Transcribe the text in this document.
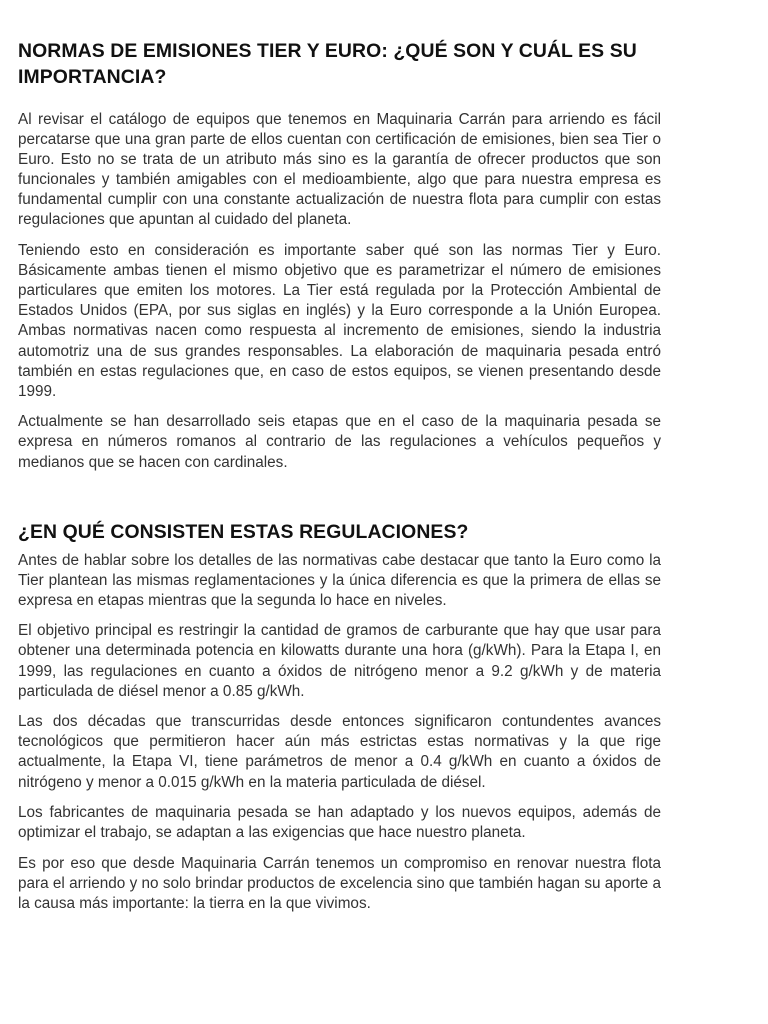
NORMAS DE EMISIONES TIER Y EURO: ¿QUÉ SON Y CUÁL ES SU IMPORTANCIA?

Al revisar el catálogo de equipos que tenemos en Maquinaria Carrán para arriendo es fácil percatarse que una gran parte de ellos cuentan con certificación de emisiones, bien sea Tier o Euro. Esto no se trata de un atributo más sino es la garantía de ofrecer productos que son funcionales y también amigables con el medioambiente, algo que para nuestra empresa es fundamental cumplir con una constante actualización de nuestra flota para cumplir con estas regulaciones que apuntan al cuidado del planeta.

Teniendo esto en consideración es importante saber qué son las normas Tier y Euro. Básicamente ambas tienen el mismo objetivo que es parametrizar el número de emisiones particulares que emiten los motores. La Tier está regulada por la Protección Ambiental de Estados Unidos (EPA, por sus siglas en inglés) y la Euro corresponde a la Unión Europea. Ambas normativas nacen como respuesta al incremento de emisiones, siendo la industria automotriz una de sus grandes responsables. La elaboración de maquinaria pesada entró también en estas regulaciones que, en caso de estos equipos, se vienen presentando desde 1999.

Actualmente se han desarrollado seis etapas que en el caso de la maquinaria pesada se expresa en números romanos al contrario de las regulaciones a vehículos pequeños y medianos que se hacen con cardinales.

¿EN QUÉ CONSISTEN ESTAS REGULACIONES?

Antes de hablar sobre los detalles de las normativas cabe destacar que tanto la Euro como la Tier plantean las mismas reglamentaciones y la única diferencia es que la primera de ellas se expresa en etapas mientras que la segunda lo hace en niveles.

El objetivo principal es restringir la cantidad de gramos de carburante que hay que usar para obtener una determinada potencia en kilowatts durante una hora (g/kWh). Para la Etapa I, en 1999, las regulaciones en cuanto a óxidos de nitrógeno menor a 9.2 g/kWh y de materia particulada de diésel menor a 0.85 g/kWh.

Las dos décadas que transcurridas desde entonces significaron contundentes avances tecnológicos que permitieron hacer aún más estrictas estas normativas y la que rige actualmente, la Etapa VI, tiene parámetros de menor a 0.4 g/kWh en cuanto a óxidos de nitrógeno y menor a 0.015 g/kWh en la materia particulada de diésel.

Los fabricantes de maquinaria pesada se han adaptado y los nuevos equipos, además de optimizar el trabajo, se adaptan a las exigencias que hace nuestro planeta.

Es por eso que desde Maquinaria Carrán tenemos un compromiso en renovar nuestra flota para el arriendo y no solo brindar productos de excelencia sino que también hagan su aporte a la causa más importante: la tierra en la que vivimos.
